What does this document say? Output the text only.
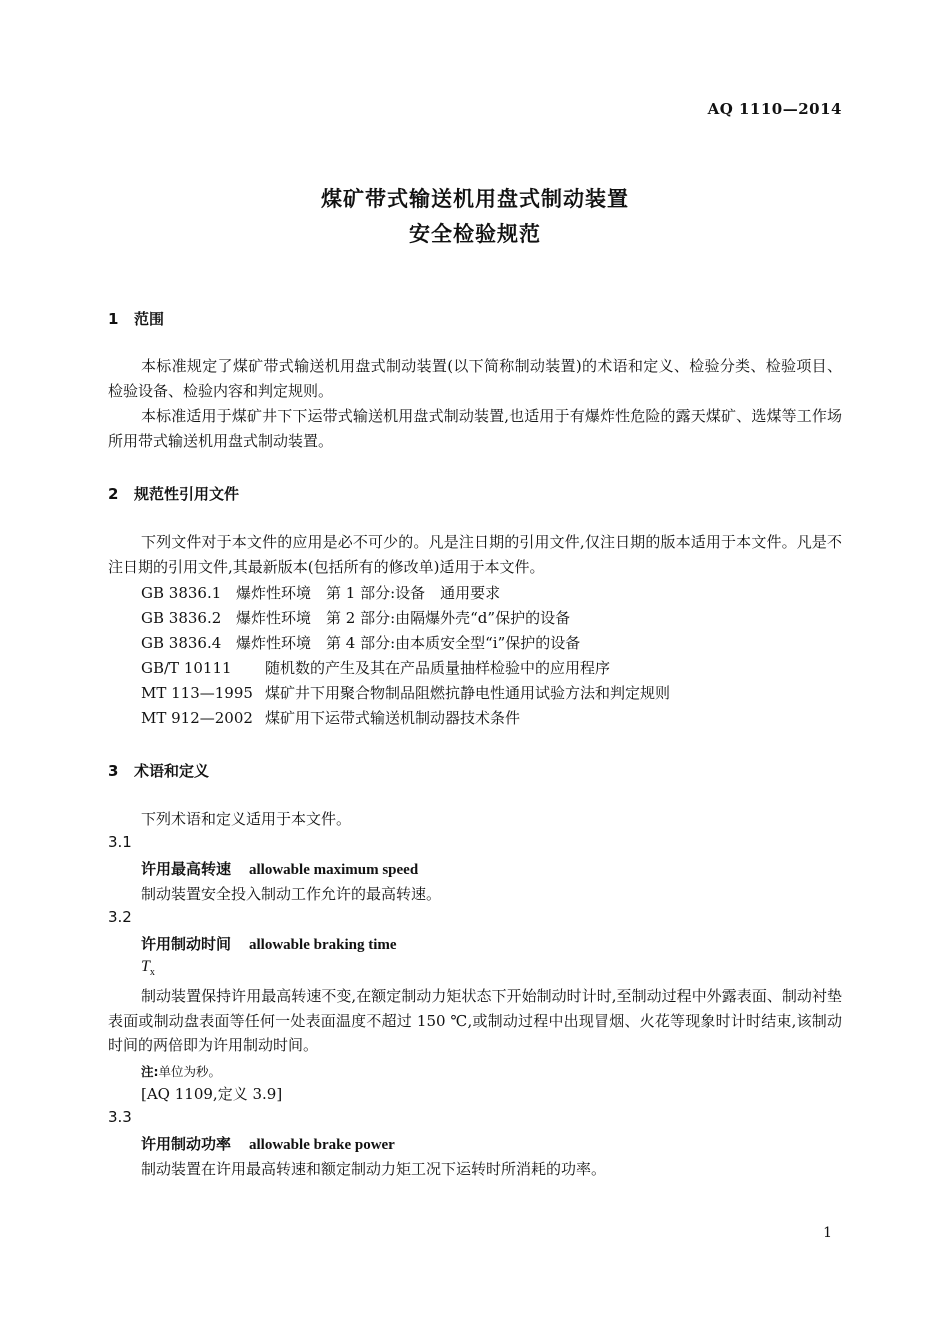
AQ 1110—2014
煤矿带式输送机用盘式制动装置
安全检验规范
1 范围
本标准规定了煤矿带式输送机用盘式制动装置(以下简称制动装置)的术语和定义、检验分类、检验项目、检验设备、检验内容和判定规则。
本标准适用于煤矿井下下运带式输送机用盘式制动装置,也适用于有爆炸性危险的露天煤矿、选煤等工作场所用带式输送机用盘式制动装置。
2 规范性引用文件
下列文件对于本文件的应用是必不可少的。凡是注日期的引用文件,仅注日期的版本适用于本文件。凡是不注日期的引用文件,其最新版本(包括所有的修改单)适用于本文件。
GB 3836.1 爆炸性环境　第 1 部分:设备　通用要求
GB 3836.2 爆炸性环境　第 2 部分:由隔爆外壳“d”保护的设备
GB 3836.4 爆炸性环境　第 4 部分:由本质安全型“i”保护的设备
GB/T 10111 随机数的产生及其在产品质量抽样检验中的应用程序
MT 113—1995 煤矿井下用聚合物制品阻燃抗静电性通用试验方法和判定规则
MT 912—2002 煤矿用下运带式输送机制动器技术条件
3 术语和定义
下列术语和定义适用于本文件。
3.1
许用最高转速 allowable maximum speed
制动装置安全投入制动工作允许的最高转速。
3.2
许用制动时间 allowable braking time
$T_x$
制动装置保持许用最高转速不变,在额定制动力矩状态下开始制动时计时,至制动过程中外露表面、制动衬垫表面或制动盘表面等任何一处表面温度不超过 150 ℃,或制动过程中出现冒烟、火花等现象时计时结束,该制动时间的两倍即为许用制动时间。
注:单位为秒。
[AQ 1109,定义 3.9]
3.3
许用制动功率 allowable brake power
制动装置在许用最高转速和额定制动力矩工况下运转时所消耗的功率。
1
